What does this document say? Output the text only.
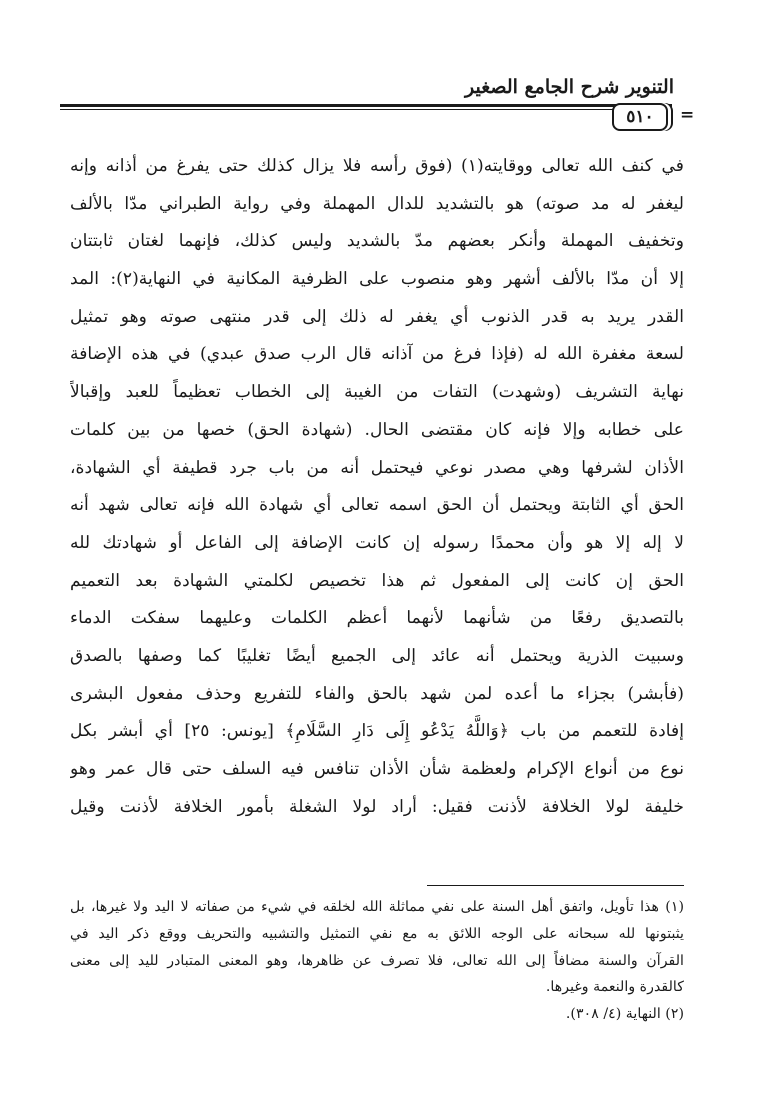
التنوير شرح الجامع الصغير
٥١٠	=
في كنف الله تعالى ووقايته(١) (فوق رأسه فلا يزال كذلك حتى يفرغ من أذانه وإنه
ليغفر له مد صوته) هو بالتشديد للدال المهملة وفي رواية الطبراني مدّا بالألف
وتخفيف المهملة وأنكر بعضهم مدّ بالشديد وليس كذلك، فإنهما لغتان ثابتتان
إلا أن مدّا بالألف أشهر وهو منصوب على الظرفية المكانية في النهاية(٢): المد
القدر يريد به قدر الذنوب أي يغفر له ذلك إلى قدر منتهى صوته وهو تمثيل
لسعة مغفرة الله له (فإذا فرغ من آذانه قال الرب صدق عبدي) في هذه الإضافة
نهاية التشريف (وشهدت) التفات من الغيبة إلى الخطاب تعظيماً للعبد وإقبالاً
على خطابه وإلا فإنه كان مقتضى الحال. (شهادة الحق) خصها من بين كلمات
الأذان لشرفها وهي مصدر نوعي فيحتمل أنه من باب جرد قطيفة أي الشهادة،
الحق أي الثابتة ويحتمل أن الحق اسمه تعالى أي شهادة الله فإنه تعالى شهد أنه
لا إله إلا هو وأن محمدًا رسوله إن كانت الإضافة إلى الفاعل أو شهادتك لله
الحق إن كانت إلى المفعول ثم هذا تخصيص لكلمتي الشهادة بعد التعميم
بالتصديق رفعًا من شأنهما لأنهما أعظم الكلمات وعليهما سفكت الدماء
وسبيت الذرية ويحتمل أنه عائد إلى الجميع أيضًا تغليبًا كما وصفها بالصدق
(فأبشر) بجزاء ما أعده لمن شهد بالحق والفاء للتفريع وحذف مفعول البشرى
إفادة للتعمم من باب ﴿وَاللَّهُ يَدْعُو إِلَى دَارِ السَّلَامِ﴾ [يونس: ٢٥] أي أبشر بكل
نوع من أنواع الإكرام ولعظمة شأن الأذان تنافس فيه السلف حتى قال عمر وهو
خليفة لولا الخلافة لأذنت فقيل: أراد لولا الشغلة بأمور الخلافة لأذنت وقيل
(١) هذا تأويل، واتفق أهل السنة على نفي مماثلة الله لخلقه في شيء من صفاته لا اليد ولا غيرها، بل
يثبتونها لله سبحانه على الوجه اللائق به مع نفي التمثيل والتشبيه والتحريف ووقع ذكر اليد في
القرآن والسنة مضافاً إلى الله تعالى، فلا تصرف عن ظاهرها، وهو المعنى المتبادر لليد إلى معنى
كالقدرة والنعمة وغيرها.
(٢) النهاية (٤/ ٣٠٨).
